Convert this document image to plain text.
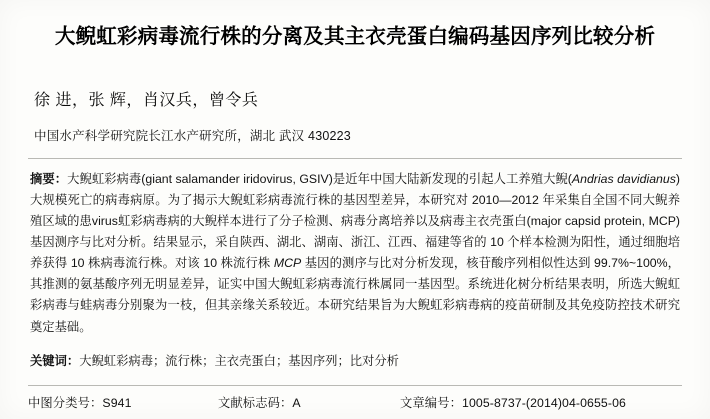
大鲵虹彩病毒流行株的分离及其主衣壳蛋白编码基因序列比较分析
徐 进，张 辉，肖汉兵，曾令兵
中国水产科学研究院长江水产研究所，湖北 武汉 430223
摘要：大鲵虹彩病毒(giant salamander iridovirus, GSIV)是近年中国大陆新发现的引起人工养殖大鲵(Andrias davidianus)大规模死亡的病毒病原。为了揭示大鲵虹彩病毒流行株的基因型差异，本研究对 2010—2012 年采集自全国不同大鲵养殖区域的患virus虹彩病毒病的大鲵样本进行了分子检测、病毒分离培养以及病毒主衣壳蛋白(major capsid protein, MCP)基因测序与比对分析。结果显示，采自陕西、湖北、湖南、浙江、江西、福建等省的 10 个样本检测为阳性，通过细胞培养获得 10 株病毒流行株。对该 10 株流行株 MCP 基因的测序与比对分析发现，核苷酸序列相似性达到 99.7%~100%，其推测的氨基酸序列无明显差异，证实中国大鲵虹彩病毒流行株属同一基因型。系统进化树分析结果表明，所选大鲵虹彩病毒与蛙病毒分别聚为一枝，但其亲缘关系较近。本研究结果旨为大鲵虹彩病毒病的疫苗研制及其免疫防控技术研究奠定基础。
关键词：大鲵虹彩病毒；流行株；主衣壳蛋白；基因序列；比对分析
中图分类号：S941	文献标志码：A	文章编号：1005-8737-(2014)04-0655-06
